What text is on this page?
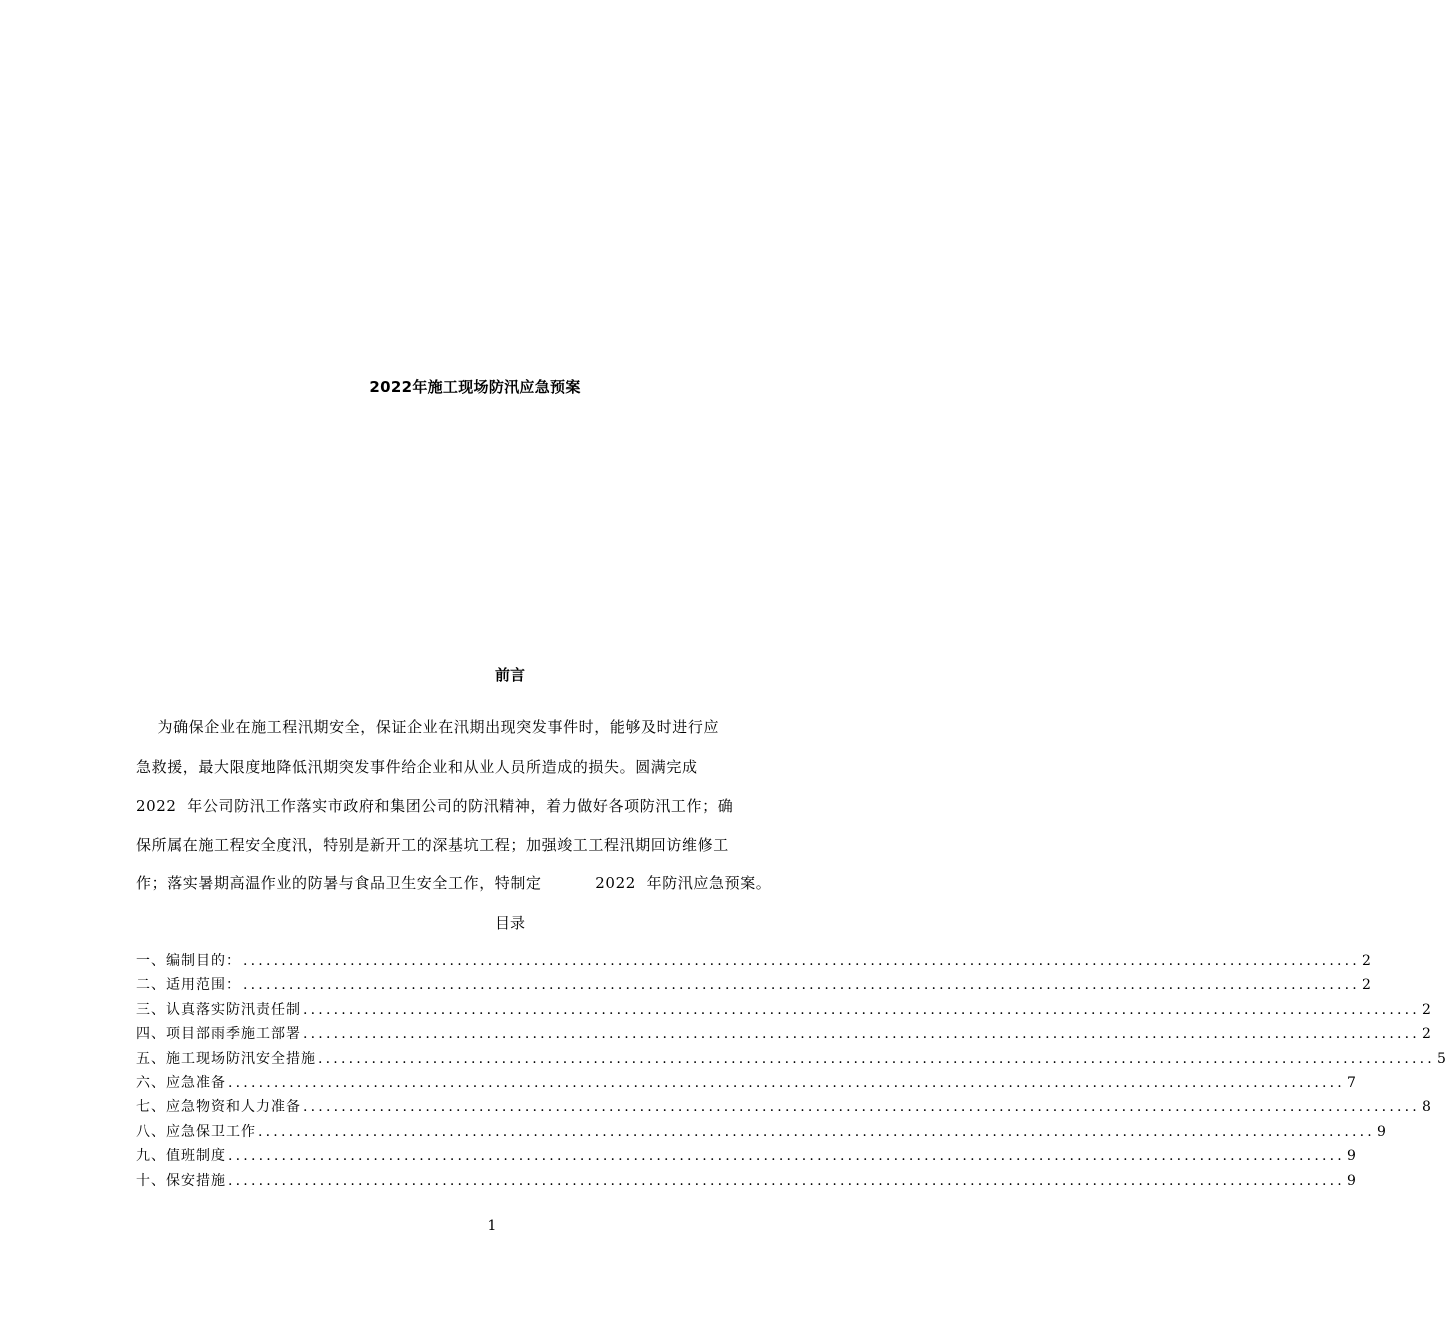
2022年施工现场防汛应急预案
前言
为确保企业在施工程汛期安全，保证企业在汛期出现突发事件时，能够及时进行应
急救援，最大限度地降低汛期突发事件给企业和从业人员所造成的损失。圆满完成
2022  年公司防汛工作落实市政府和集团公司的防汛精神，着力做好各项防汛工作；确
保所属在施工程安全度汛，特别是新开工的深基坑工程；加强竣工工程汛期回访维修工
作；落实暑期高温作业的防暑与食品卫生安全工作，特制定          2022  年防汛应急预案。
目录
一、编制目的： .................................................................................................................................................. 2
二、适用范围： .................................................................................................................................................. 2
三、认真落实防汛责任制 .................................................................................................................................................. 2
四、项目部雨季施工部署 .................................................................................................................................................. 2
五、施工现场防汛安全措施 .................................................................................................................................................. 5
六、应急准备 .................................................................................................................................................. 7
七、应急物资和人力准备 .................................................................................................................................................. 8
八、应急保卫工作 .................................................................................................................................................. 9
九、值班制度 .................................................................................................................................................. 9
十、保安措施 .................................................................................................................................................. 9
1
